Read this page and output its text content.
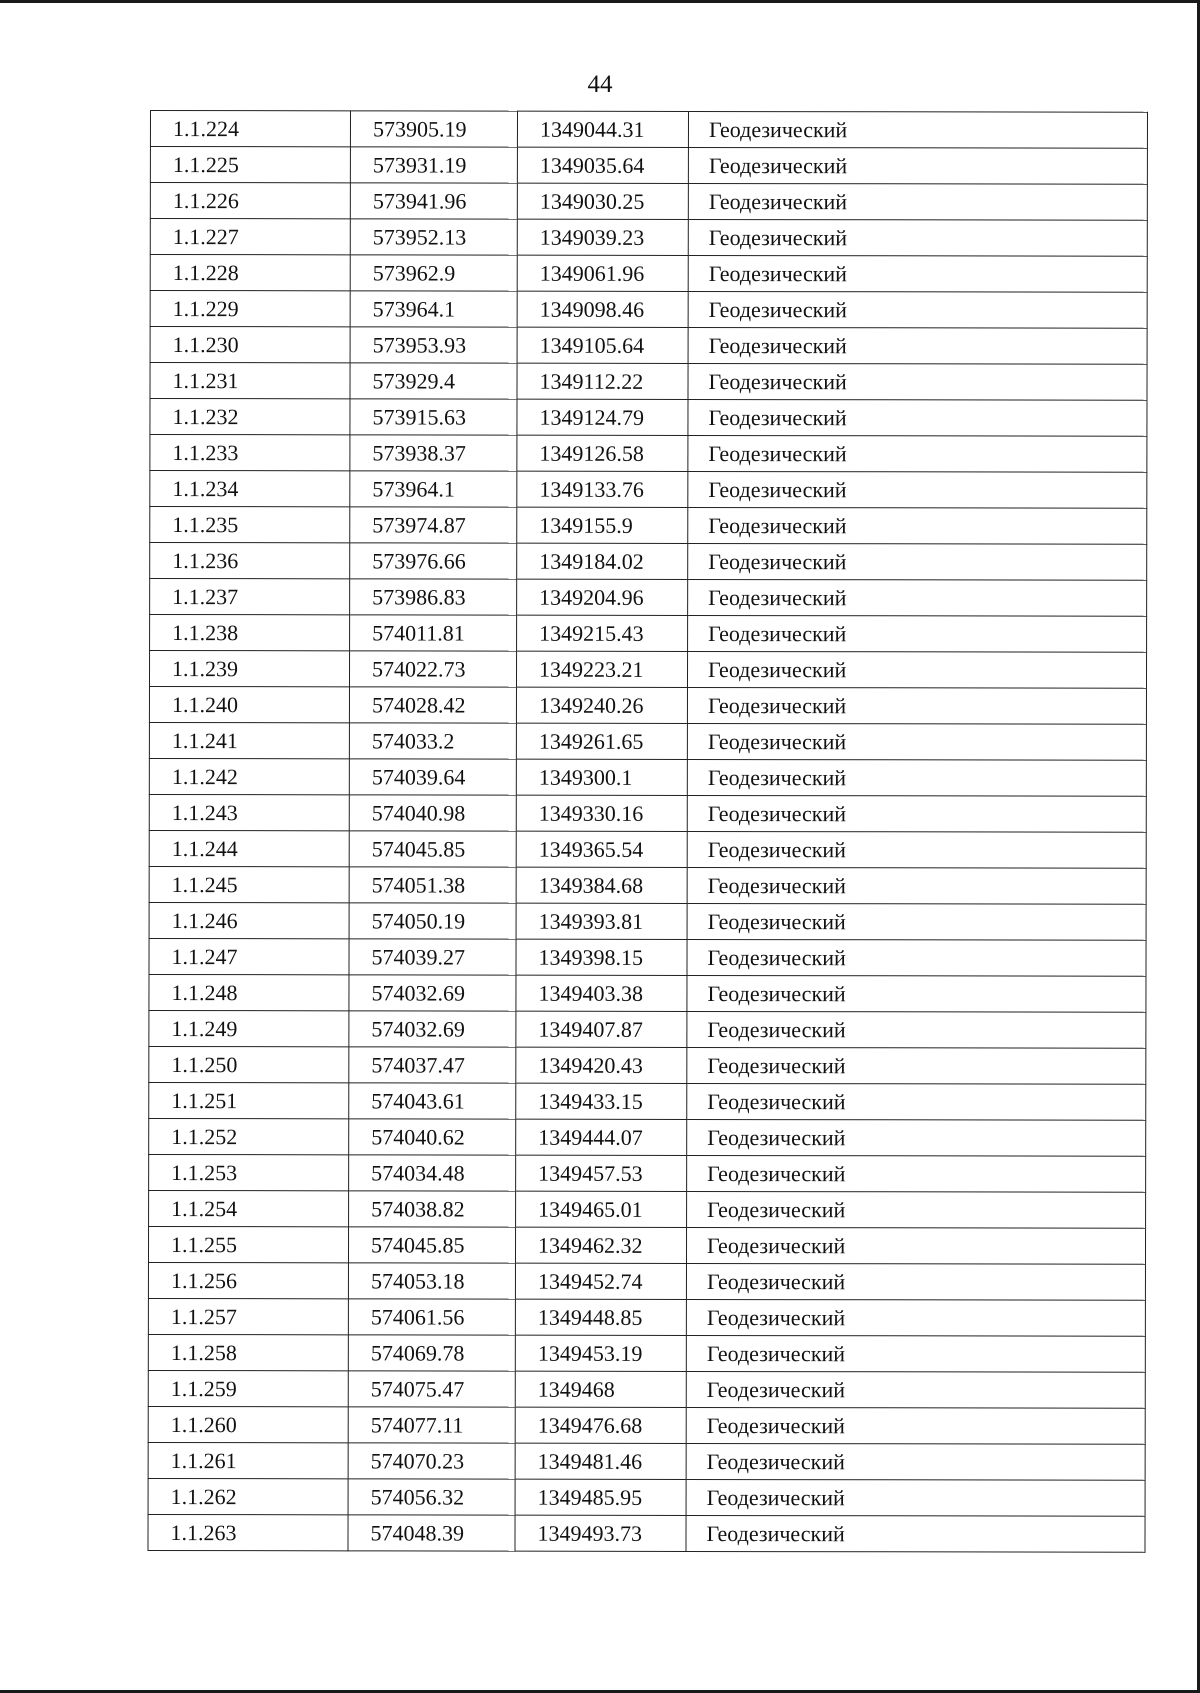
44
1.1.224	573905.19	1349044.31	Геодезический
1.1.225	573931.19	1349035.64	Геодезический
1.1.226	573941.96	1349030.25	Геодезический
1.1.227	573952.13	1349039.23	Геодезический
1.1.228	573962.9	1349061.96	Геодезический
1.1.229	573964.1	1349098.46	Геодезический
1.1.230	573953.93	1349105.64	Геодезический
1.1.231	573929.4	1349112.22	Геодезический
1.1.232	573915.63	1349124.79	Геодезический
1.1.233	573938.37	1349126.58	Геодезический
1.1.234	573964.1	1349133.76	Геодезический
1.1.235	573974.87	1349155.9	Геодезический
1.1.236	573976.66	1349184.02	Геодезический
1.1.237	573986.83	1349204.96	Геодезический
1.1.238	574011.81	1349215.43	Геодезический
1.1.239	574022.73	1349223.21	Геодезический
1.1.240	574028.42	1349240.26	Геодезический
1.1.241	574033.2	1349261.65	Геодезический
1.1.242	574039.64	1349300.1	Геодезический
1.1.243	574040.98	1349330.16	Геодезический
1.1.244	574045.85	1349365.54	Геодезический
1.1.245	574051.38	1349384.68	Геодезический
1.1.246	574050.19	1349393.81	Геодезический
1.1.247	574039.27	1349398.15	Геодезический
1.1.248	574032.69	1349403.38	Геодезический
1.1.249	574032.69	1349407.87	Геодезический
1.1.250	574037.47	1349420.43	Геодезический
1.1.251	574043.61	1349433.15	Геодезический
1.1.252	574040.62	1349444.07	Геодезический
1.1.253	574034.48	1349457.53	Геодезический
1.1.254	574038.82	1349465.01	Геодезический
1.1.255	574045.85	1349462.32	Геодезический
1.1.256	574053.18	1349452.74	Геодезический
1.1.257	574061.56	1349448.85	Геодезический
1.1.258	574069.78	1349453.19	Геодезический
1.1.259	574075.47	1349468	Геодезический
1.1.260	574077.11	1349476.68	Геодезический
1.1.261	574070.23	1349481.46	Геодезический
1.1.262	574056.32	1349485.95	Геодезический
1.1.263	574048.39	1349493.73	Геодезический
